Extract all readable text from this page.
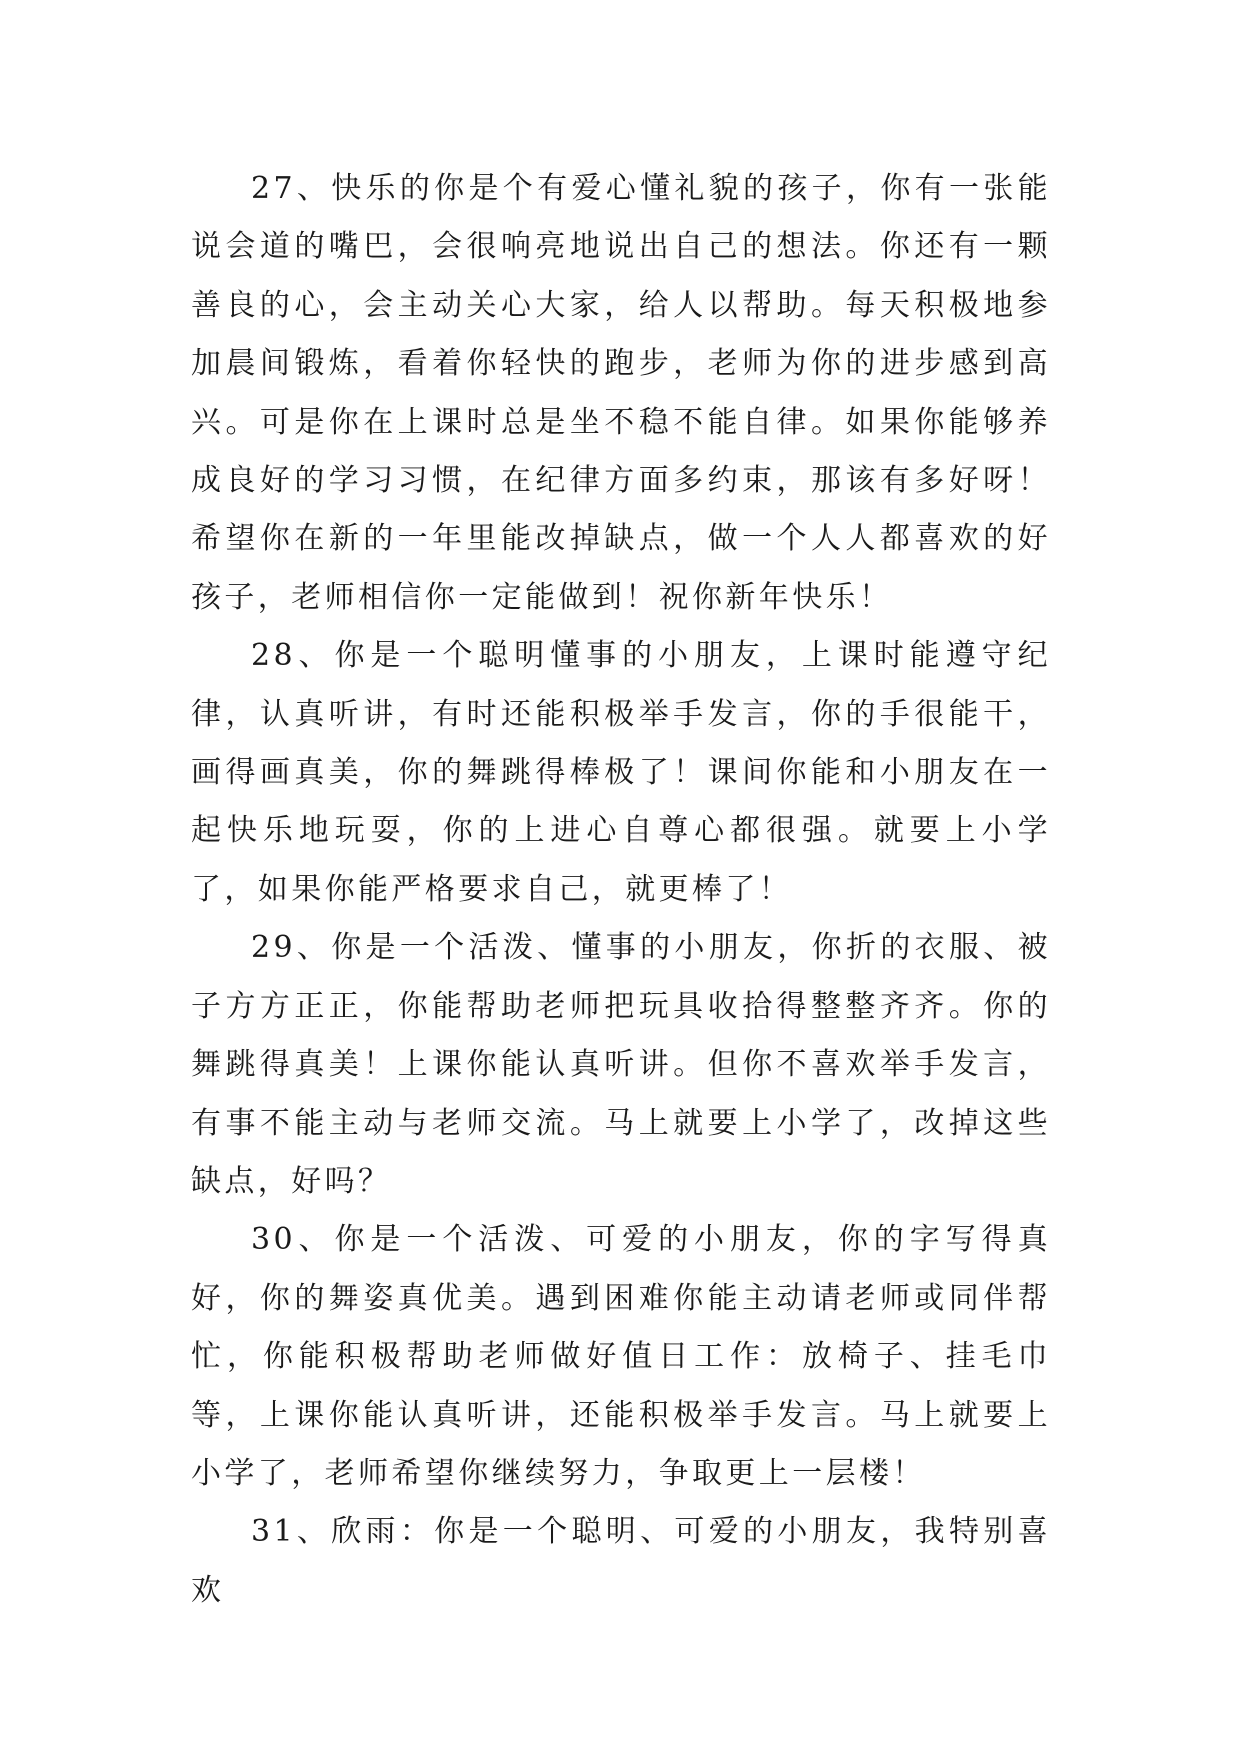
27、快乐的你是个有爱心懂礼貌的孩子，你有一张能说会道的嘴巴，会很响亮地说出自己的想法。你还有一颗善良的心，会主动关心大家，给人以帮助。每天积极地参加晨间锻炼，看着你轻快的跑步，老师为你的进步感到高兴。可是你在上课时总是坐不稳不能自律。如果你能够养成良好的学习习惯，在纪律方面多约束，那该有多好呀！希望你在新的一年里能改掉缺点，做一个人人都喜欢的好孩子，老师相信你一定能做到！祝你新年快乐！

28、你是一个聪明懂事的小朋友，上课时能遵守纪律，认真听讲，有时还能积极举手发言，你的手很能干，画得画真美，你的舞跳得棒极了！课间你能和小朋友在一起快乐地玩耍，你的上进心自尊心都很强。就要上小学了，如果你能严格要求自己，就更棒了！

29、你是一个活泼、懂事的小朋友，你折的衣服、被子方方正正，你能帮助老师把玩具收拾得整整齐齐。你的舞跳得真美！上课你能认真听讲。但你不喜欢举手发言，有事不能主动与老师交流。马上就要上小学了，改掉这些缺点，好吗？

30、你是一个活泼、可爱的小朋友，你的字写得真好，你的舞姿真优美。遇到困难你能主动请老师或同伴帮忙，你能积极帮助老师做好值日工作：放椅子、挂毛巾等，上课你能认真听讲，还能积极举手发言。马上就要上小学了，老师希望你继续努力，争取更上一层楼！

31、欣雨：你是一个聪明、可爱的小朋友，我特别喜欢
